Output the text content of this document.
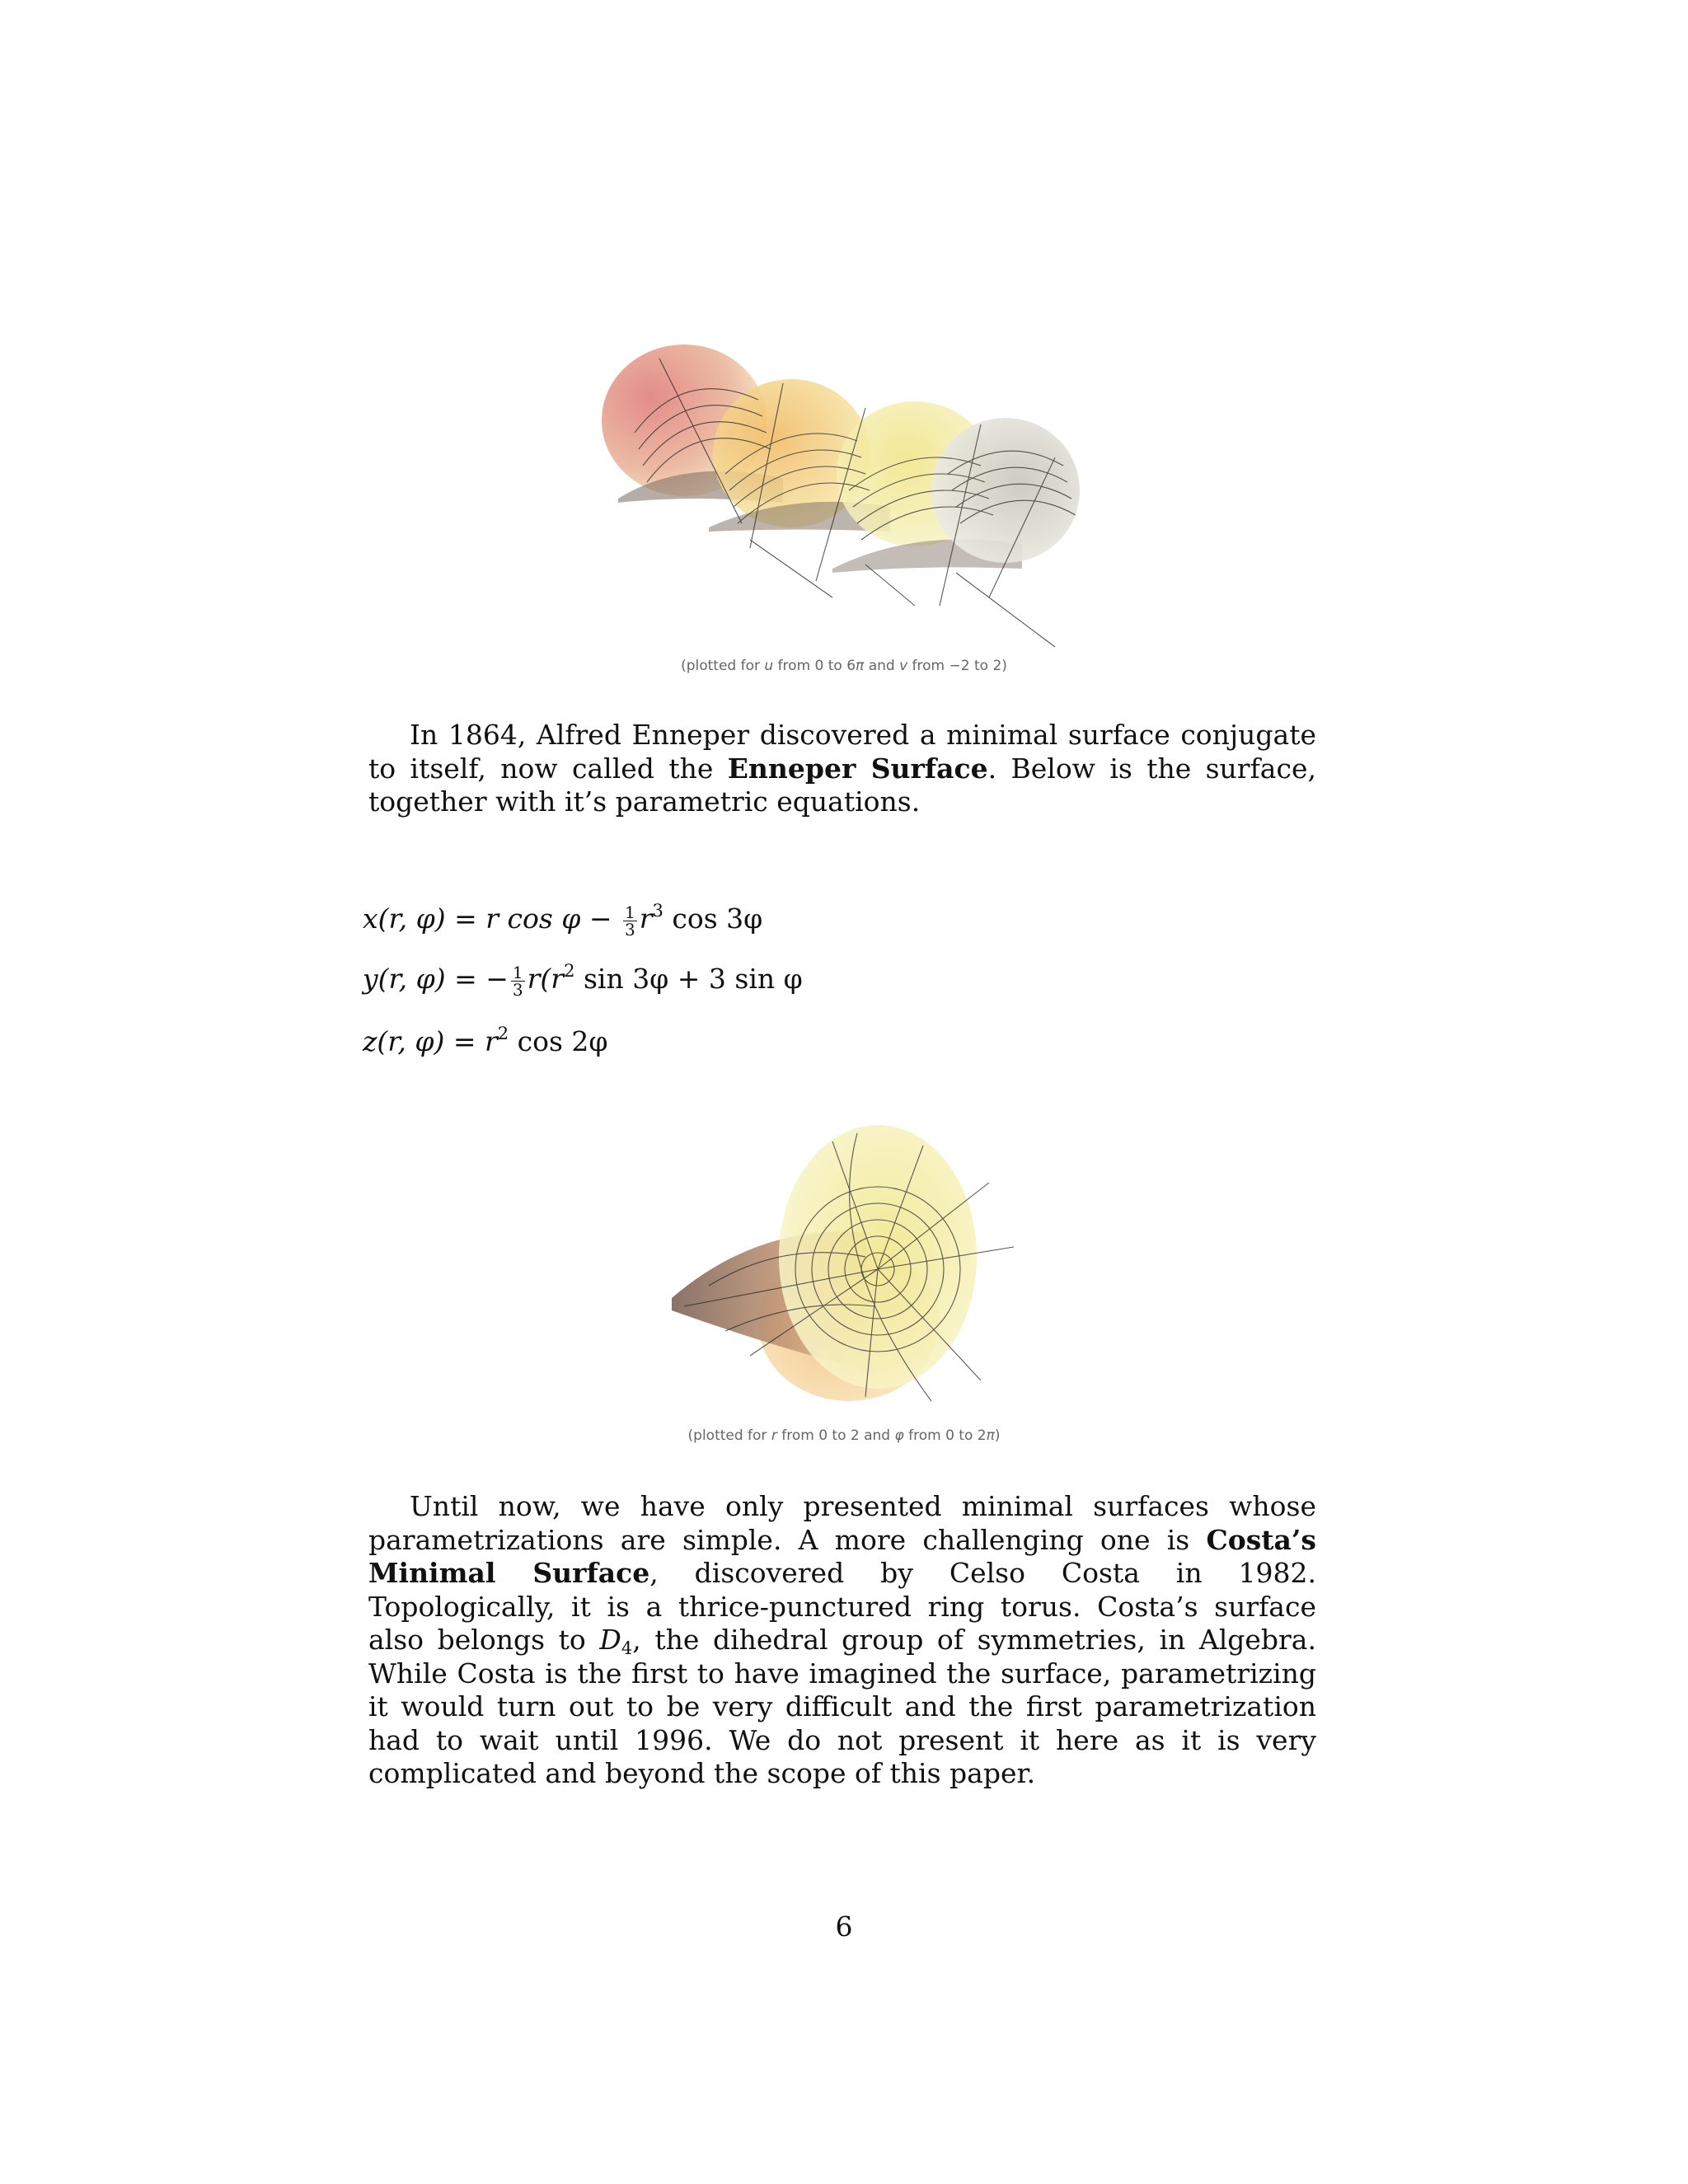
(plotted for u from 0 to 6π and v from −2 to 2)

In 1864, Alfred Enneper discovered a minimal surface conjugate to itself, now called the Enneper Surface. Below is the surface, together with it’s parametric equations.

x(r, φ) = r $\cos \varphi - \frac{1}{3} r^3$ cos 3φ
y(r, φ) = − $\frac{1}{3} r(r^2$ sin 3φ + 3 sin φ
z(r, $\varphi) = r^2$ cos 2φ
(plotted for r from 0 to 2 and φ from 0 to 2π)

Until now, we have only presented minimal surfaces whose parametrizations are simple. A more challenging one is Costa’s Minimal Surface, discovered by Celso Costa in 1982. Topologically, it is a thrice-punctured ring torus. Costa’s surface also belongs to $D_4$, the dihedral group of symmetries, in Algebra. While Costa is the first to have imagined the surface, parametrizing it would turn out to be very difficult and the first parametrization had to wait until 1996. We do not present it here as it is very complicated and beyond the scope of this paper.

6
